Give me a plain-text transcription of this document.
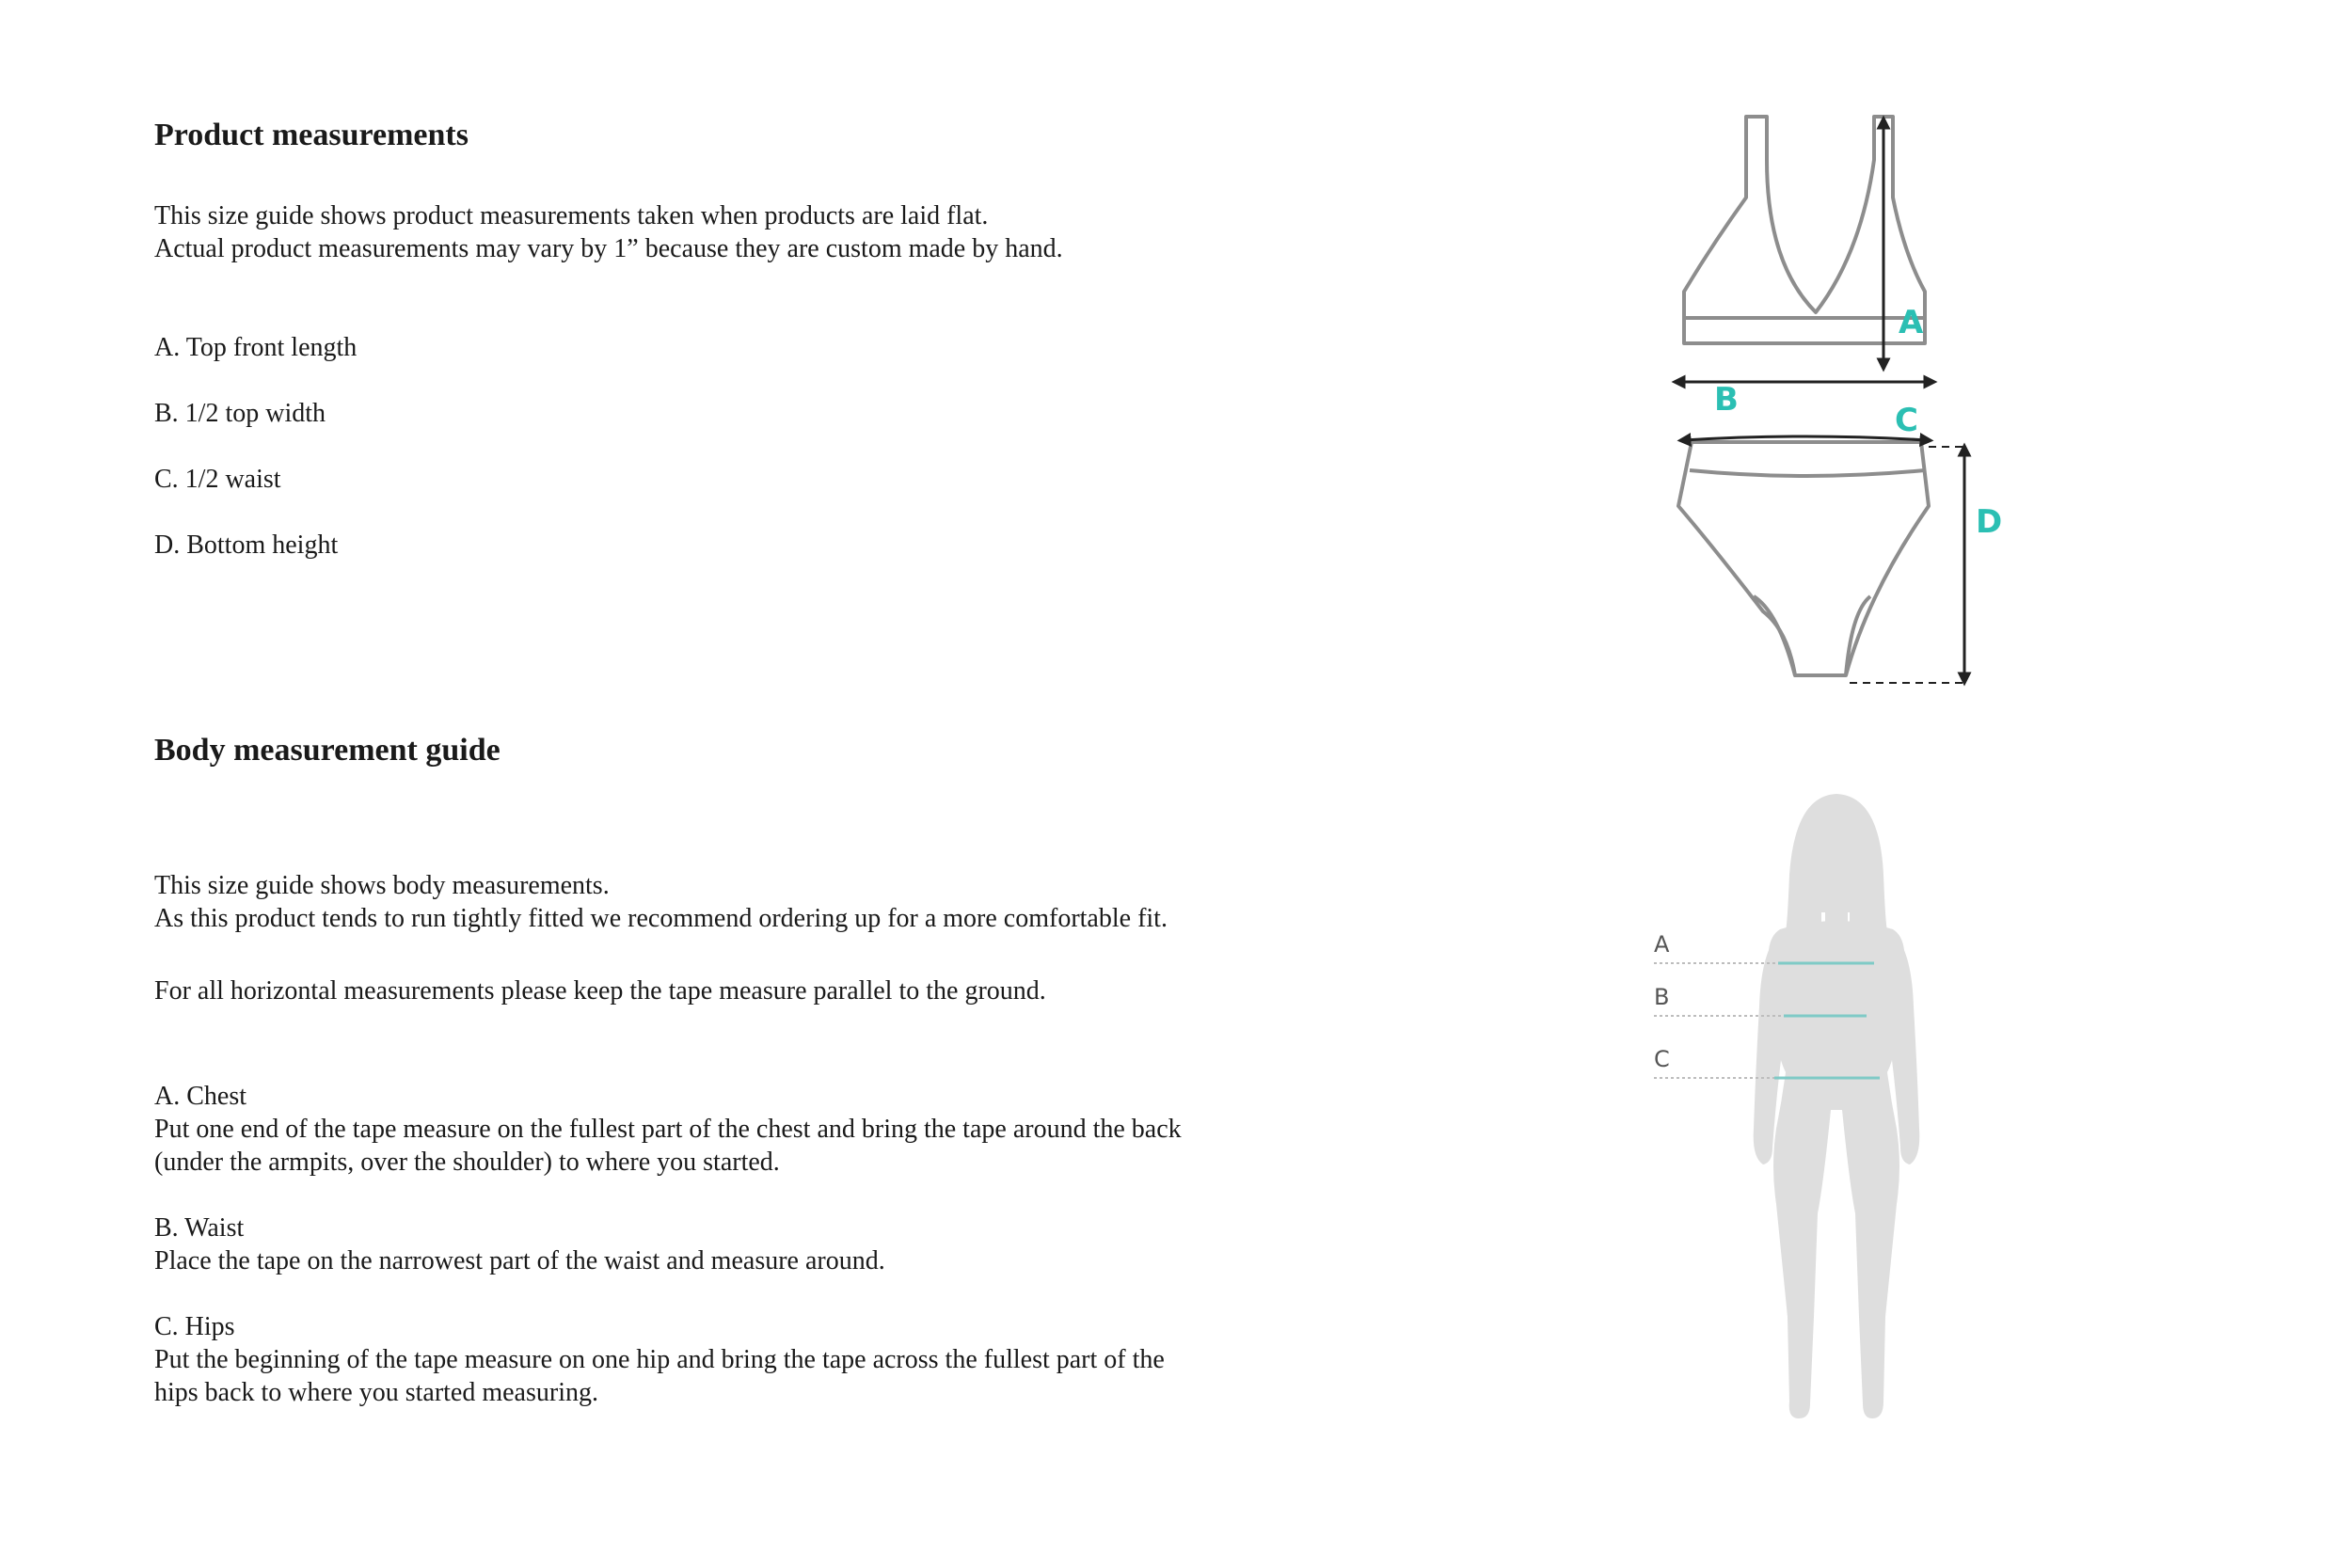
Product measurements

This size guide shows product measurements taken when products are laid flat.
Actual product measurements may vary by 1” because they are custom made by hand.

A. Top front length

B. 1/2 top width

C. 1/2 waist

D. Bottom height

A
B
C
D
Body measurement guide

This size guide shows body measurements.
As this product tends to run tightly fitted we recommend ordering up for a more comfortable fit.

For all horizontal measurements please keep the tape measure parallel to the ground.

A. Chest
Put one end of the tape measure on the fullest part of the chest and bring the tape around the back
(under the armpits, over the shoulder) to where you started.

B. Waist
Place the tape on the narrowest part of the waist and measure around.

C. Hips
Put the beginning of the tape measure on one hip and bring the tape across the fullest part of the
hips back to where you started measuring.

A
B
C
